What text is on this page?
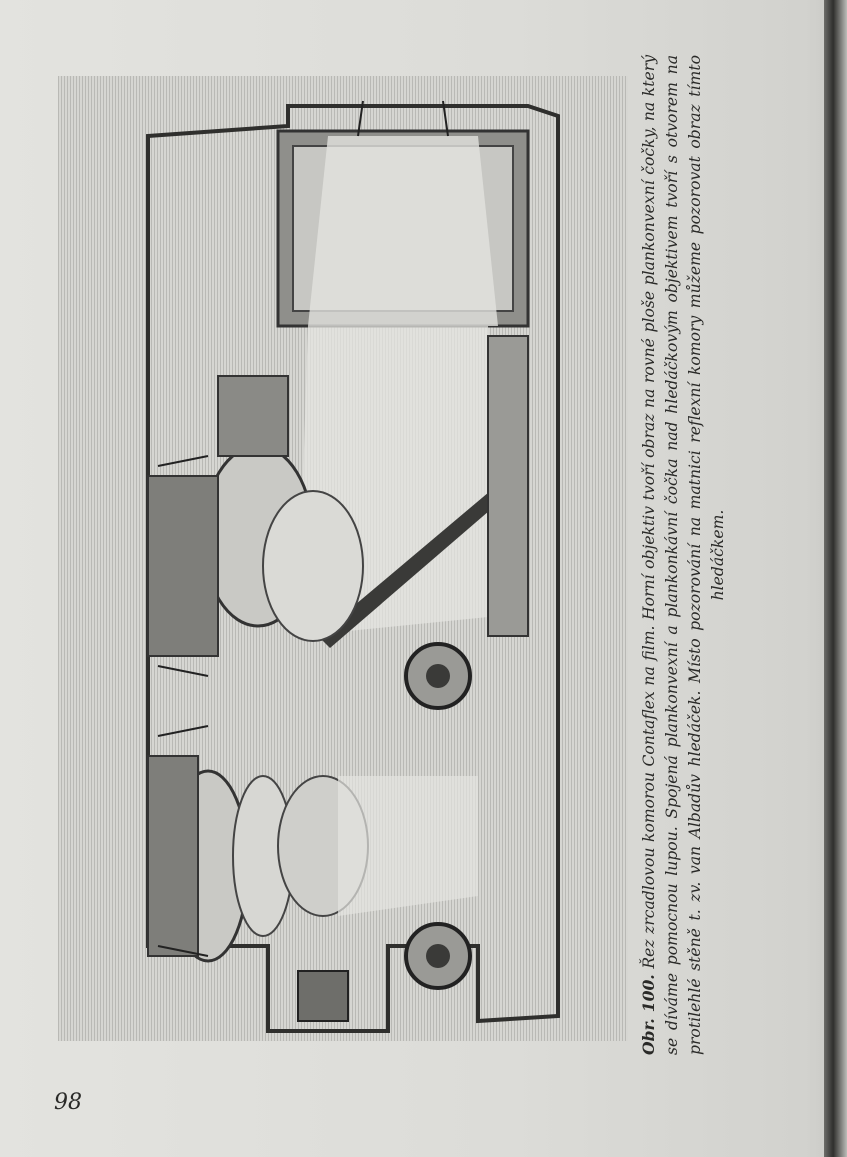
Obr. 100. Řez zrcadlovou komorou Contaflex na film. Horní objektiv tvoří obraz na rovné ploše plankonvexní čočky, na který se díváme pomocnou lupou. Spojená plankonvexní a plankonkávní čočka nad hledáčkovým objektivem tvoří s otvorem na protilehlé stěně t. zv. van Albadův hledáček. Místo pozorování na matnici reflexní komory můžeme pozorovat obraz tímto hledáčkem.
98
